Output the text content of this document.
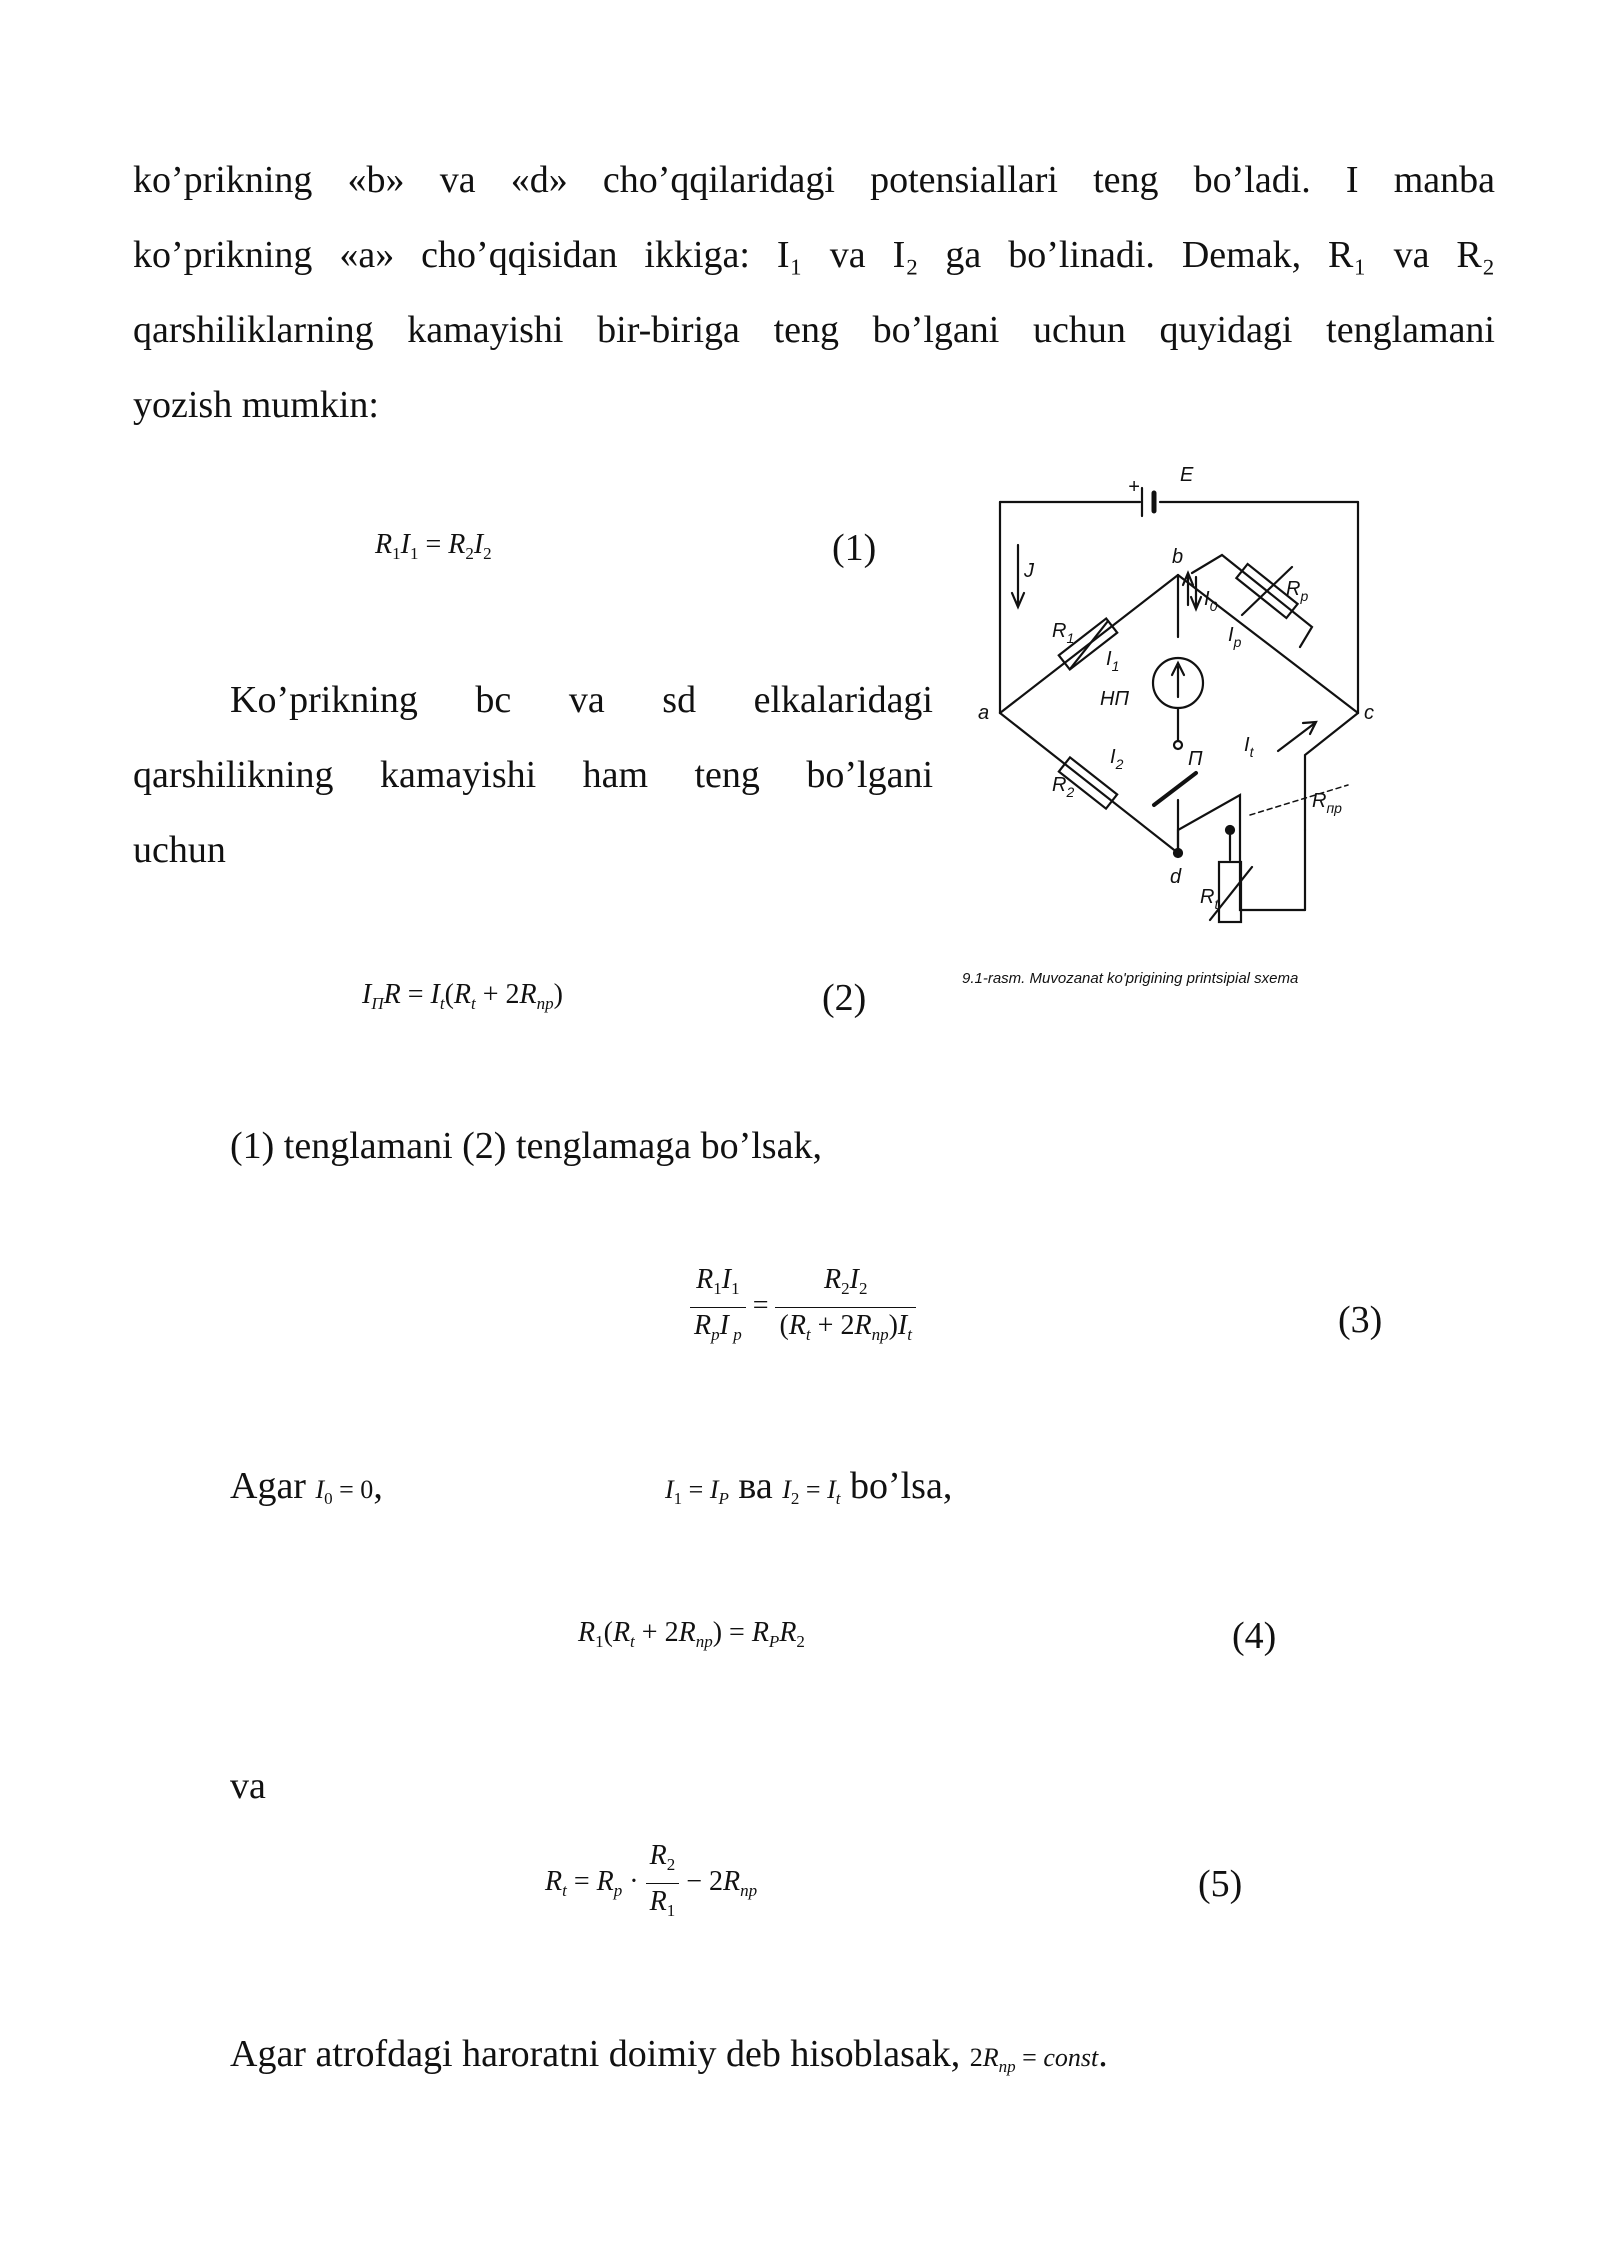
ko’prikning «b» va «d» cho’qqilaridagi potensiallari teng bo’ladi. I manba
ko’prikning «a» cho’qqisidan ikkiga: I₁ va I₂ ga bo’linadi. Demak, R₁ va R₂
qarshiliklarning kamayishi bir-biriga teng bo’lgani uchun quyidagi tenglamani
yozish mumkin:
$R_1I_1 = R_2I_2$	(1)
Ko’prikning bc va sd elkalaridagi
qarshilikning kamayishi ham teng bo’lgani
uchun
$I_ПR = I_t(R_t + 2R_{пр})$	(2)
+
E
J
b
a	c
d
$R_1$
$I_1$
$R_2$
$I_2$
$R_p$
$I_p$
$I_0$
НП
П
$I_t$
$R_{пр}$
$R_t$
9.1-rasm. Muvozanat ko'prigining printsipial sxema
(1) tenglamani (2) tenglamaga bo’lsak,
$\frac{R_1I_1}{R_pI _p} = \frac{R_2I_2}{(R_t + 2R_{пр})I_t}$	(3)
Agar $I_0 = 0$,	$I_1 = I_P$ ва $I_2 = I_t$ bo’lsa,
$R_1(R_t + 2R_{пр}) = R_PR_2$	(4)
va
$R_t = R_p \cdot \frac{R_2}{R_1} - 2R_{пр}$	(5)
Agar atrofdagi haroratni doimiy deb hisoblasak, $2R_{пр}$ = const.
